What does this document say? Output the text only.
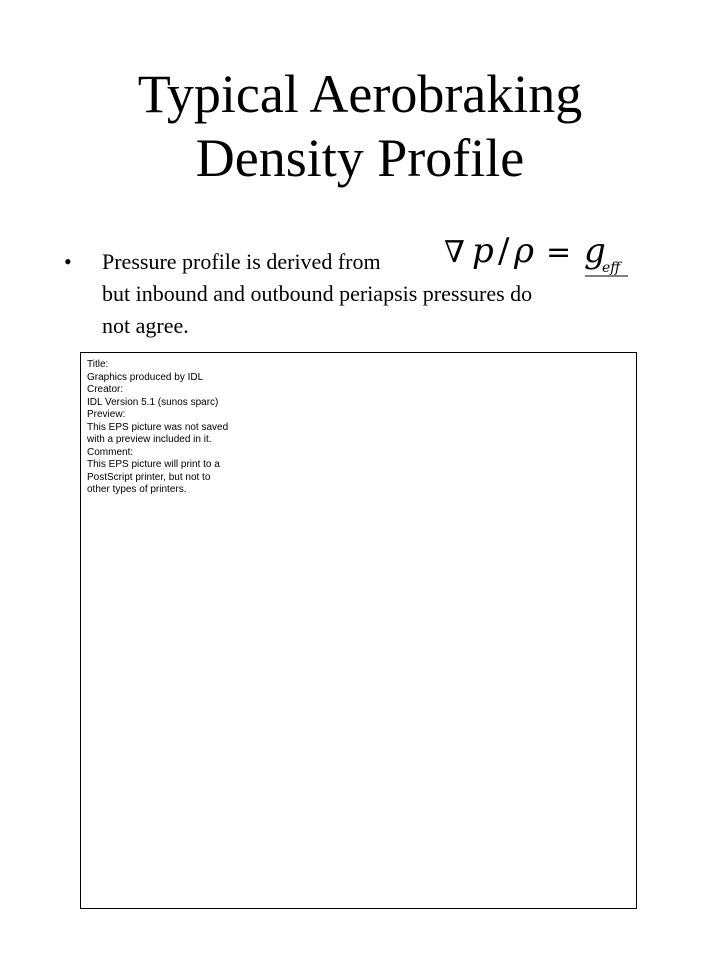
Typical Aerobraking
Density Profile
• Pressure profile is derived from ∇ p / ρ = g
eff
but inbound and outbound periapsis pressures do
not agree.
Title:
Graphics produced by IDL
Creator:
IDL Version 5.1 (sunos sparc)
Preview:
This EPS picture was not saved
with a preview included in it.
Comment:
This EPS picture will print to a
PostScript printer, but not to
other types of printers.
